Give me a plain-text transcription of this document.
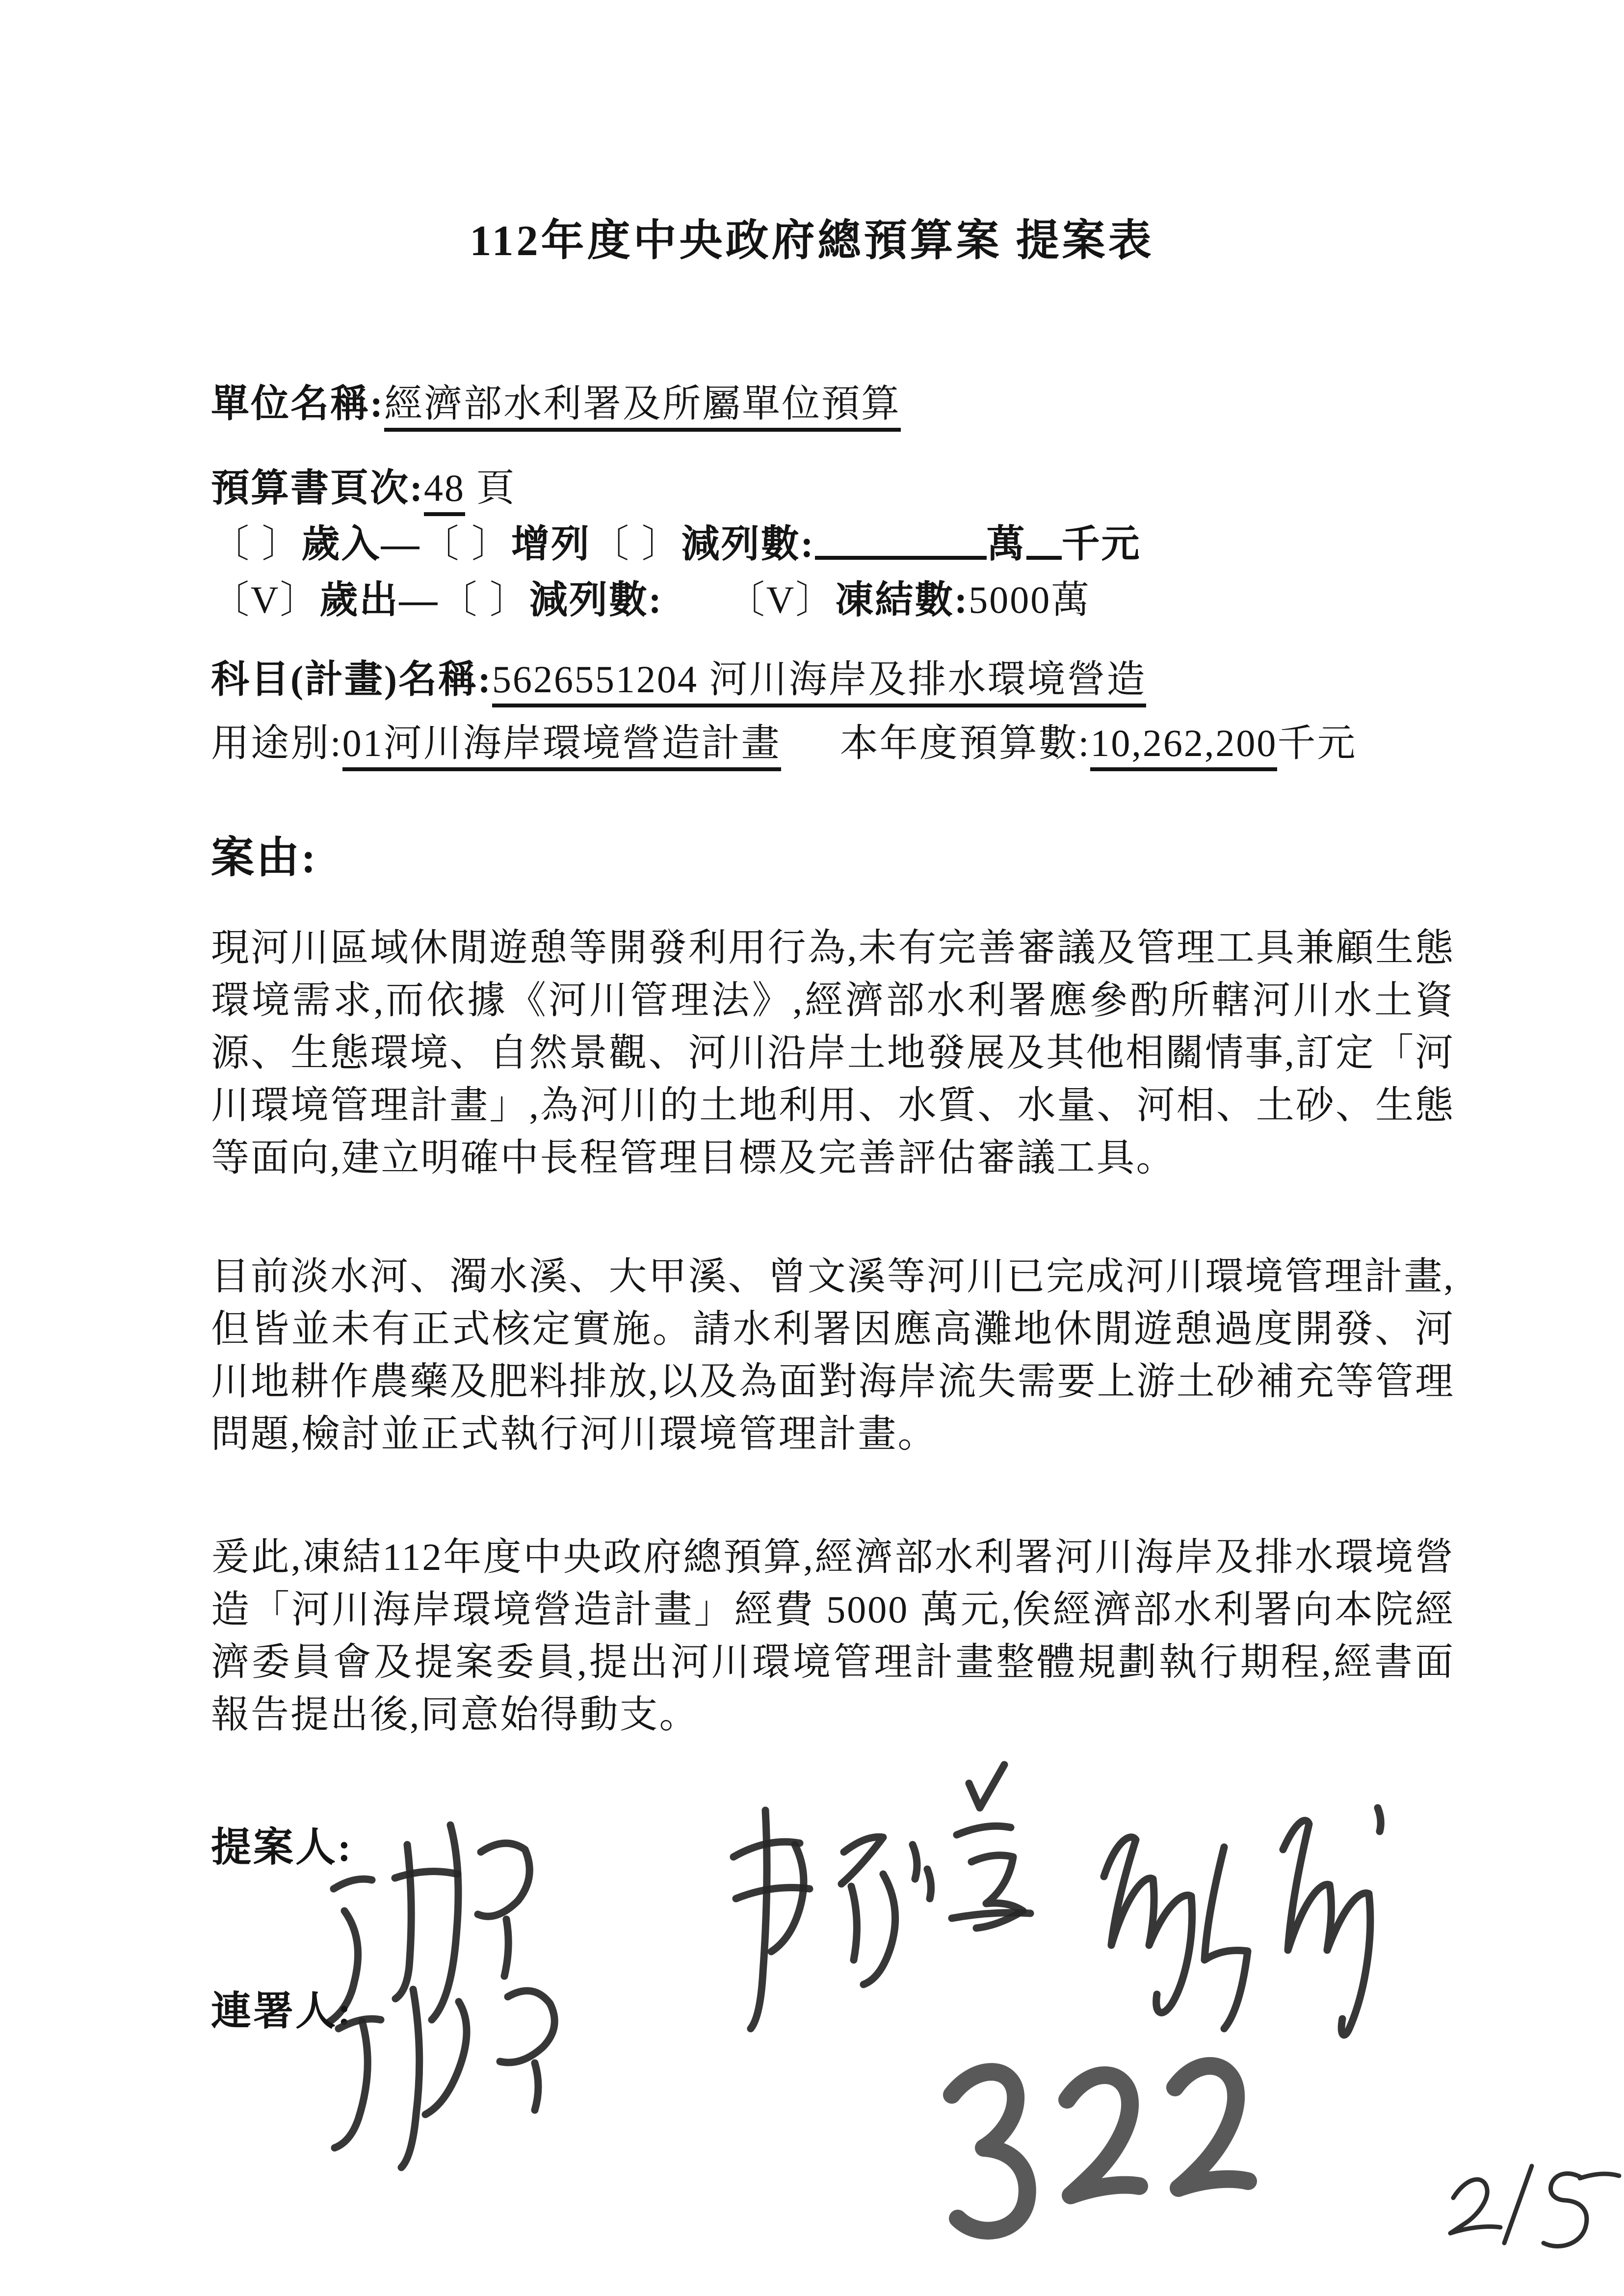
112年度中央政府總預算案 提案表
單位名稱:經濟部水利署及所屬單位預算
預算書頁次:48 頁
〔 〕歲入—〔 〕增列〔 〕減列數:	萬 千元
〔V〕歲出—〔 〕減列數: 〔V〕凍結數:5000萬
科目(計畫)名稱:5626551204 河川海岸及排水環境營造
用途別:01河川海岸環境營造計畫 本年度預算數:10,262,200千元
案由:

現河川區域休閒遊憩等開發利用行為,未有完善審議及管理工具兼顧生態環境需求,而依據《河川管理法》,經濟部水利署應參酌所轄河川水土資源、生態環境、自然景觀、河川沿岸土地發展及其他相關情事,訂定「河川環境管理計畫」,為河川的土地利用、水質、水量、河相、土砂、生態等面向,建立明確中長程管理目標及完善評估審議工具。

目前淡水河、濁水溪、大甲溪、曾文溪等河川已完成河川環境管理計畫,但皆並未有正式核定實施。請水利署因應高灘地休閒遊憩過度開發、河川地耕作農藥及肥料排放,以及為面對海岸流失需要上游土砂補充等管理問題,檢討並正式執行河川環境管理計畫。

爰此,凍結112年度中央政府總預算,經濟部水利署河川海岸及排水環境營造「河川海岸環境營造計畫」經費 5000 萬元,俟經濟部水利署向本院經濟委員會及提案委員,提出河川環境管理計畫整體規劃執行期程,經書面報告提出後,同意始得動支。

提案人:
連署人:
